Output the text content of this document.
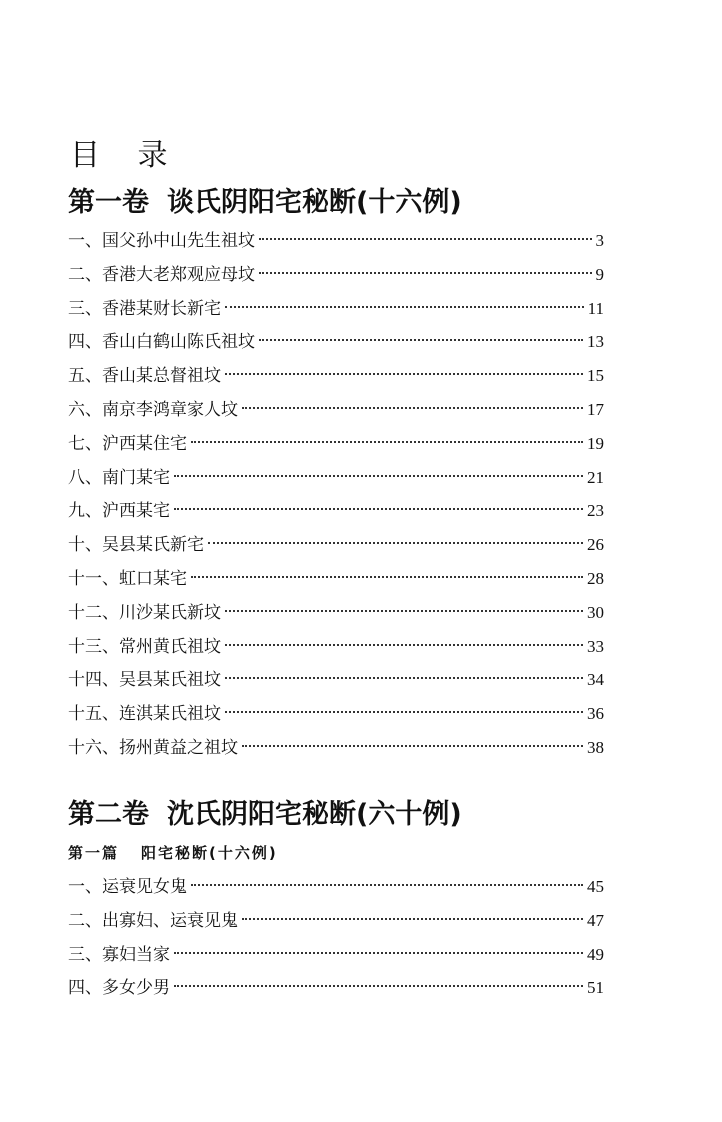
目 录
第一卷 谈氏阴阳宅秘断(十六例)
一、国父孙中山先生祖坟	3
二、香港大老郑观应母坟	9
三、香港某财长新宅	11
四、香山白鹤山陈氏祖坟	13
五、香山某总督祖坟	15
六、南京李鸿章家人坟	17
七、沪西某住宅	19
八、南门某宅	21
九、沪西某宅	23
十、吴县某氏新宅	26
十一、虹口某宅	28
十二、川沙某氏新坟	30
十三、常州黄氏祖坟	33
十四、吴县某氏祖坟	34
十五、连淇某氏祖坟	36
十六、扬州黄益之祖坟	38
第二卷 沈氏阴阳宅秘断(六十例)
第一篇 阳宅秘断(十六例)
一、运衰见女鬼	45
二、出寡妇、运衰见鬼	47
三、寡妇当家	49
四、多女少男	51
